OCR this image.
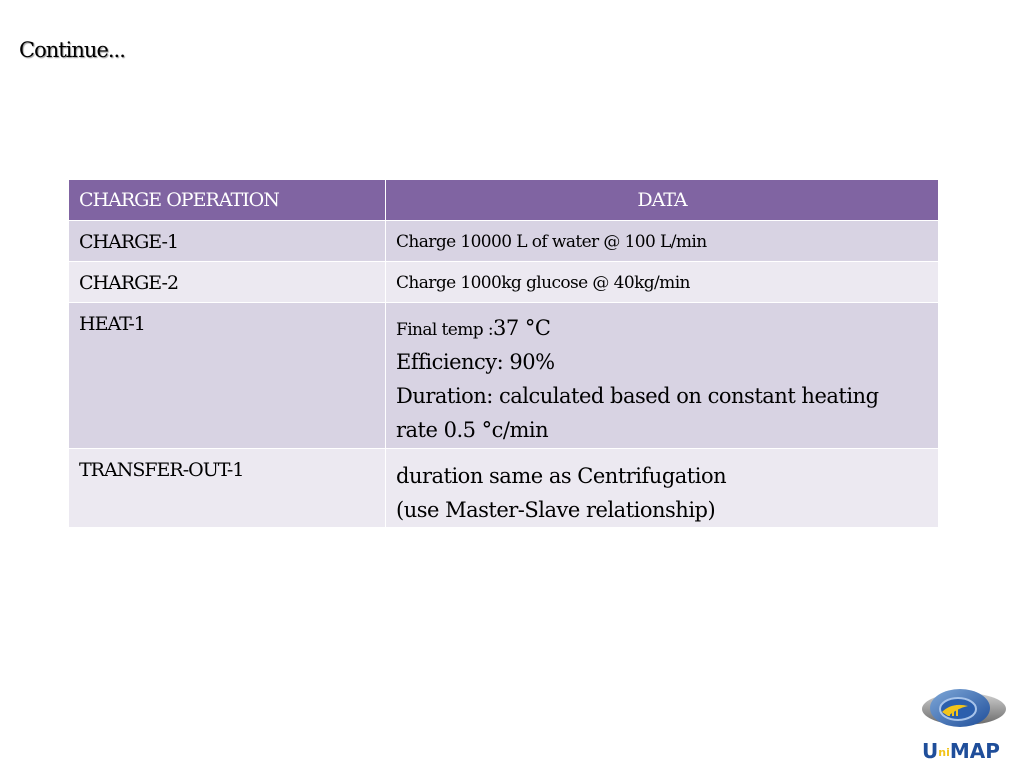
Continue...
CHARGE OPERATION	DATA
CHARGE-1	Charge 10000 L of water @ 100 L/min

CHARGE-2	Charge 1000kg glucose @ 40kg/min

HEAT-1	Final temp :37 °C
Efficiency: 90%
Duration: calculated based on constant heating
rate 0.5 °c/min

TRANSFER-OUT-1	duration same as Centrifugation
(use Master-Slave relationship)
UniMAP
